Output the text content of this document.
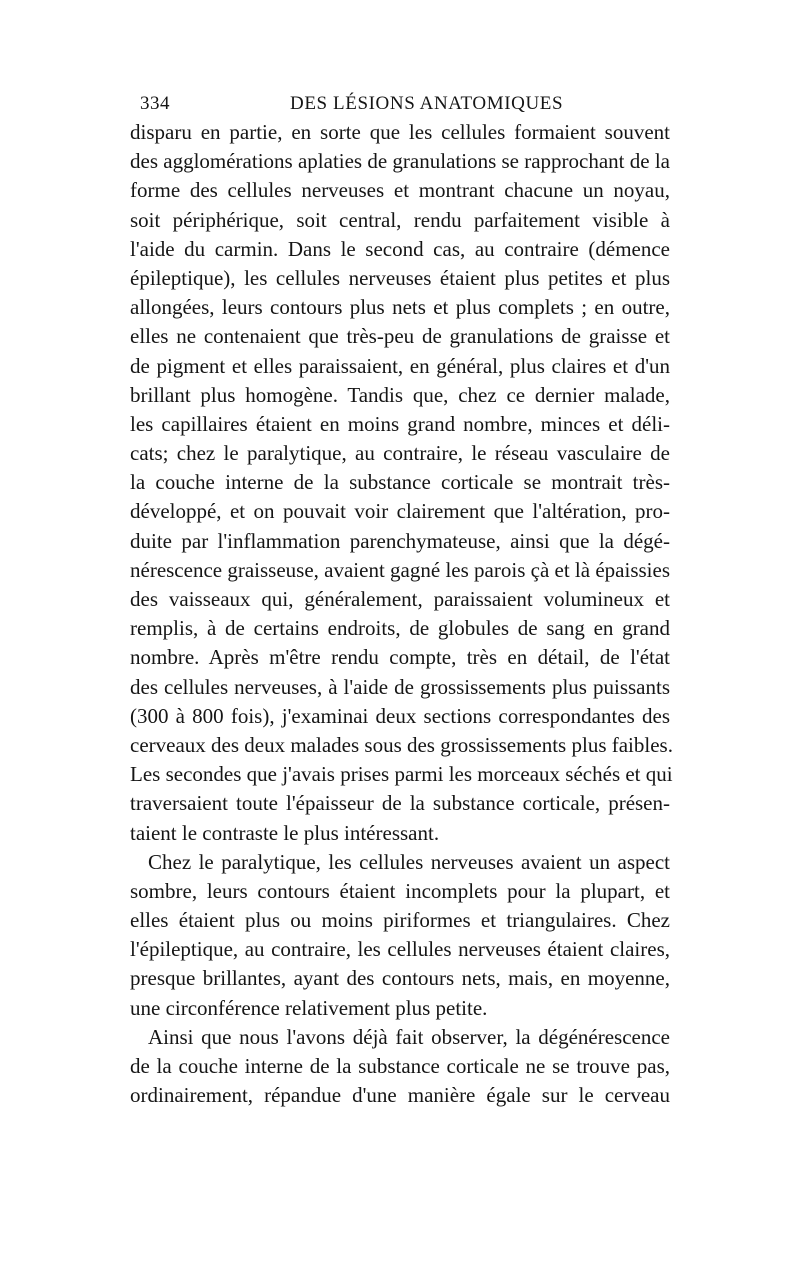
334	DES LÉSIONS ANATOMIQUES
disparu en partie, en sorte que les cellules formaient souvent
des agglomérations aplaties de granulations se rapprochant de la
forme des cellules nerveuses et montrant chacune un noyau,
soit périphérique, soit central, rendu parfaitement visible à
l'aide du carmin. Dans le second cas, au contraire (démence
épileptique), les cellules nerveuses étaient plus petites et plus
allongées, leurs contours plus nets et plus complets ; en outre,
elles ne contenaient que très-peu de granulations de graisse et
de pigment et elles paraissaient, en général, plus claires et d'un
brillant plus homogène. Tandis que, chez ce dernier malade,
les capillaires étaient en moins grand nombre, minces et déli-
cats; chez le paralytique, au contraire, le réseau vasculaire de
la couche interne de la substance corticale se montrait très-
développé, et on pouvait voir clairement que l'altération, pro-
duite par l'inflammation parenchymateuse, ainsi que la dégé-
nérescence graisseuse, avaient gagné les parois çà et là épaissies
des vaisseaux qui, généralement, paraissaient volumineux et
remplis, à de certains endroits, de globules de sang en grand
nombre. Après m'être rendu compte, très en détail, de l'état
des cellules nerveuses, à l'aide de grossissements plus puissants
(300 à 800 fois), j'examinai deux sections correspondantes des
cerveaux des deux malades sous des grossissements plus faibles.
Les secondes que j'avais prises parmi les morceaux séchés et qui
traversaient toute l'épaisseur de la substance corticale, présen-
taient le contraste le plus intéressant.
Chez le paralytique, les cellules nerveuses avaient un aspect
sombre, leurs contours étaient incomplets pour la plupart, et
elles étaient plus ou moins piriformes et triangulaires. Chez
l'épileptique, au contraire, les cellules nerveuses étaient claires,
presque brillantes, ayant des contours nets, mais, en moyenne,
une circonférence relativement plus petite.
Ainsi que nous l'avons déjà fait observer, la dégénérescence
de la couche interne de la substance corticale ne se trouve pas,
ordinairement, répandue d'une manière égale sur le cerveau
